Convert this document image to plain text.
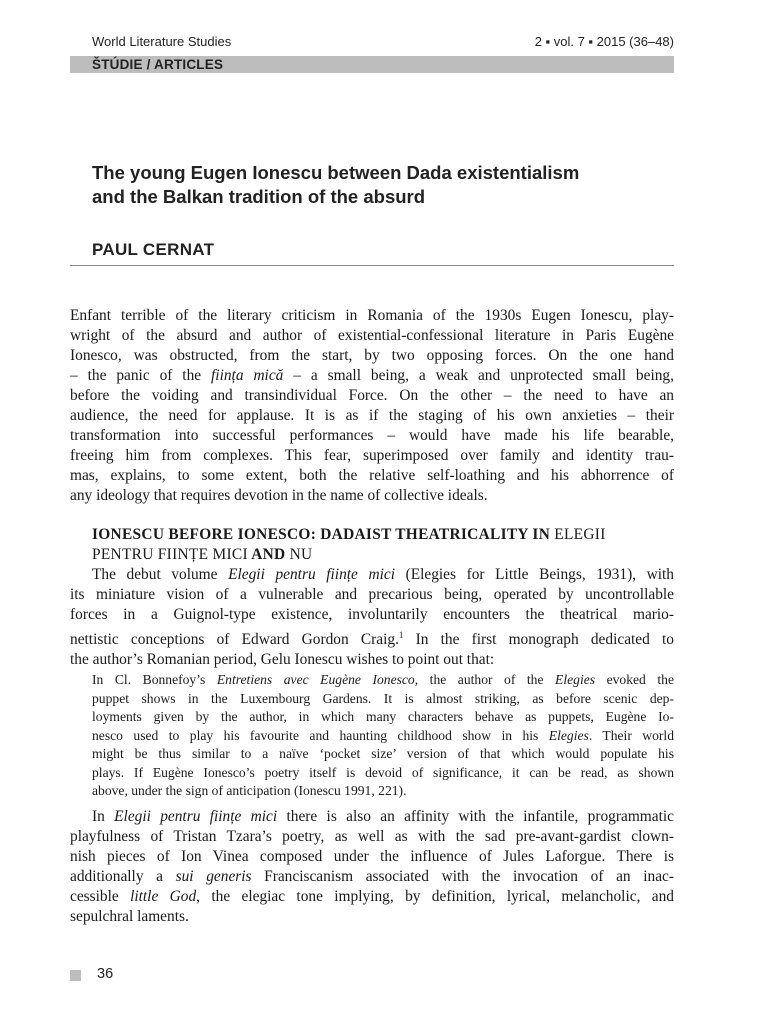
World Literature Studies	2 ▪ vol. 7 ▪ 2015 (36–48)
ŠTÚDIE / ARTICLES
The young Eugen Ionescu between Dada existentialism
and the Balkan tradition of the absurd
PAUL CERNAT
Enfant terrible of the literary criticism in Romania of the 1930s Eugen Ionescu, play-
wright of the absurd and author of existential-confessional literature in Paris Eugène
Ionesco, was obstructed, from the start, by two opposing forces. On the one hand
– the panic of the ființa mică – a small being, a weak and unprotected small being,
before the voiding and transindividual Force. On the other – the need to have an
audience, the need for applause. It is as if the staging of his own anxieties – their
transformation into successful performances – would have made his life bearable,
freeing him from complexes. This fear, superimposed over family and identity trau-
mas, explains, to some extent, both the relative self-loathing and his abhorrence of
any ideology that requires devotion in the name of collective ideals.
IONESCU BEFORE IONESCO: DADAIST THEATRICALITY IN ELEGII
PENTRU FIINȚE MICI AND NU
The debut volume Elegii pentru ființe mici (Elegies for Little Beings, 1931), with
its miniature vision of a vulnerable and precarious being, operated by uncontrollable
forces in a Guignol-type existence, involuntarily encounters the theatrical mario-
nettistic conceptions of Edward Gordon Craig.$^1$ In the first monograph dedicated to
the author’s Romanian period, Gelu Ionescu wishes to point out that:
In Cl. Bonnefoy’s Entretiens avec Eugène Ionesco, the author of the Elegies evoked the
puppet shows in the Luxembourg Gardens. It is almost striking, as before scenic dep-
loyments given by the author, in which many characters behave as puppets, Eugène Io-
nesco used to play his favourite and haunting childhood show in his Elegies. Their world
might be thus similar to a naïve ‘pocket size’ version of that which would populate his
plays. If Eugène Ionesco’s poetry itself is devoid of significance, it can be read, as shown
above, under the sign of anticipation (Ionescu 1991, 221).
In Elegii pentru ființe mici there is also an affinity with the infantile, programmatic
playfulness of Tristan Tzara’s poetry, as well as with the sad pre-avant-gardist clown-
nish pieces of Ion Vinea composed under the influence of Jules Laforgue. There is
additionally a sui generis Franciscanism associated with the invocation of an inac-
cessible little God, the elegiac tone implying, by definition, lyrical, melancholic, and
sepulchral laments.
36
